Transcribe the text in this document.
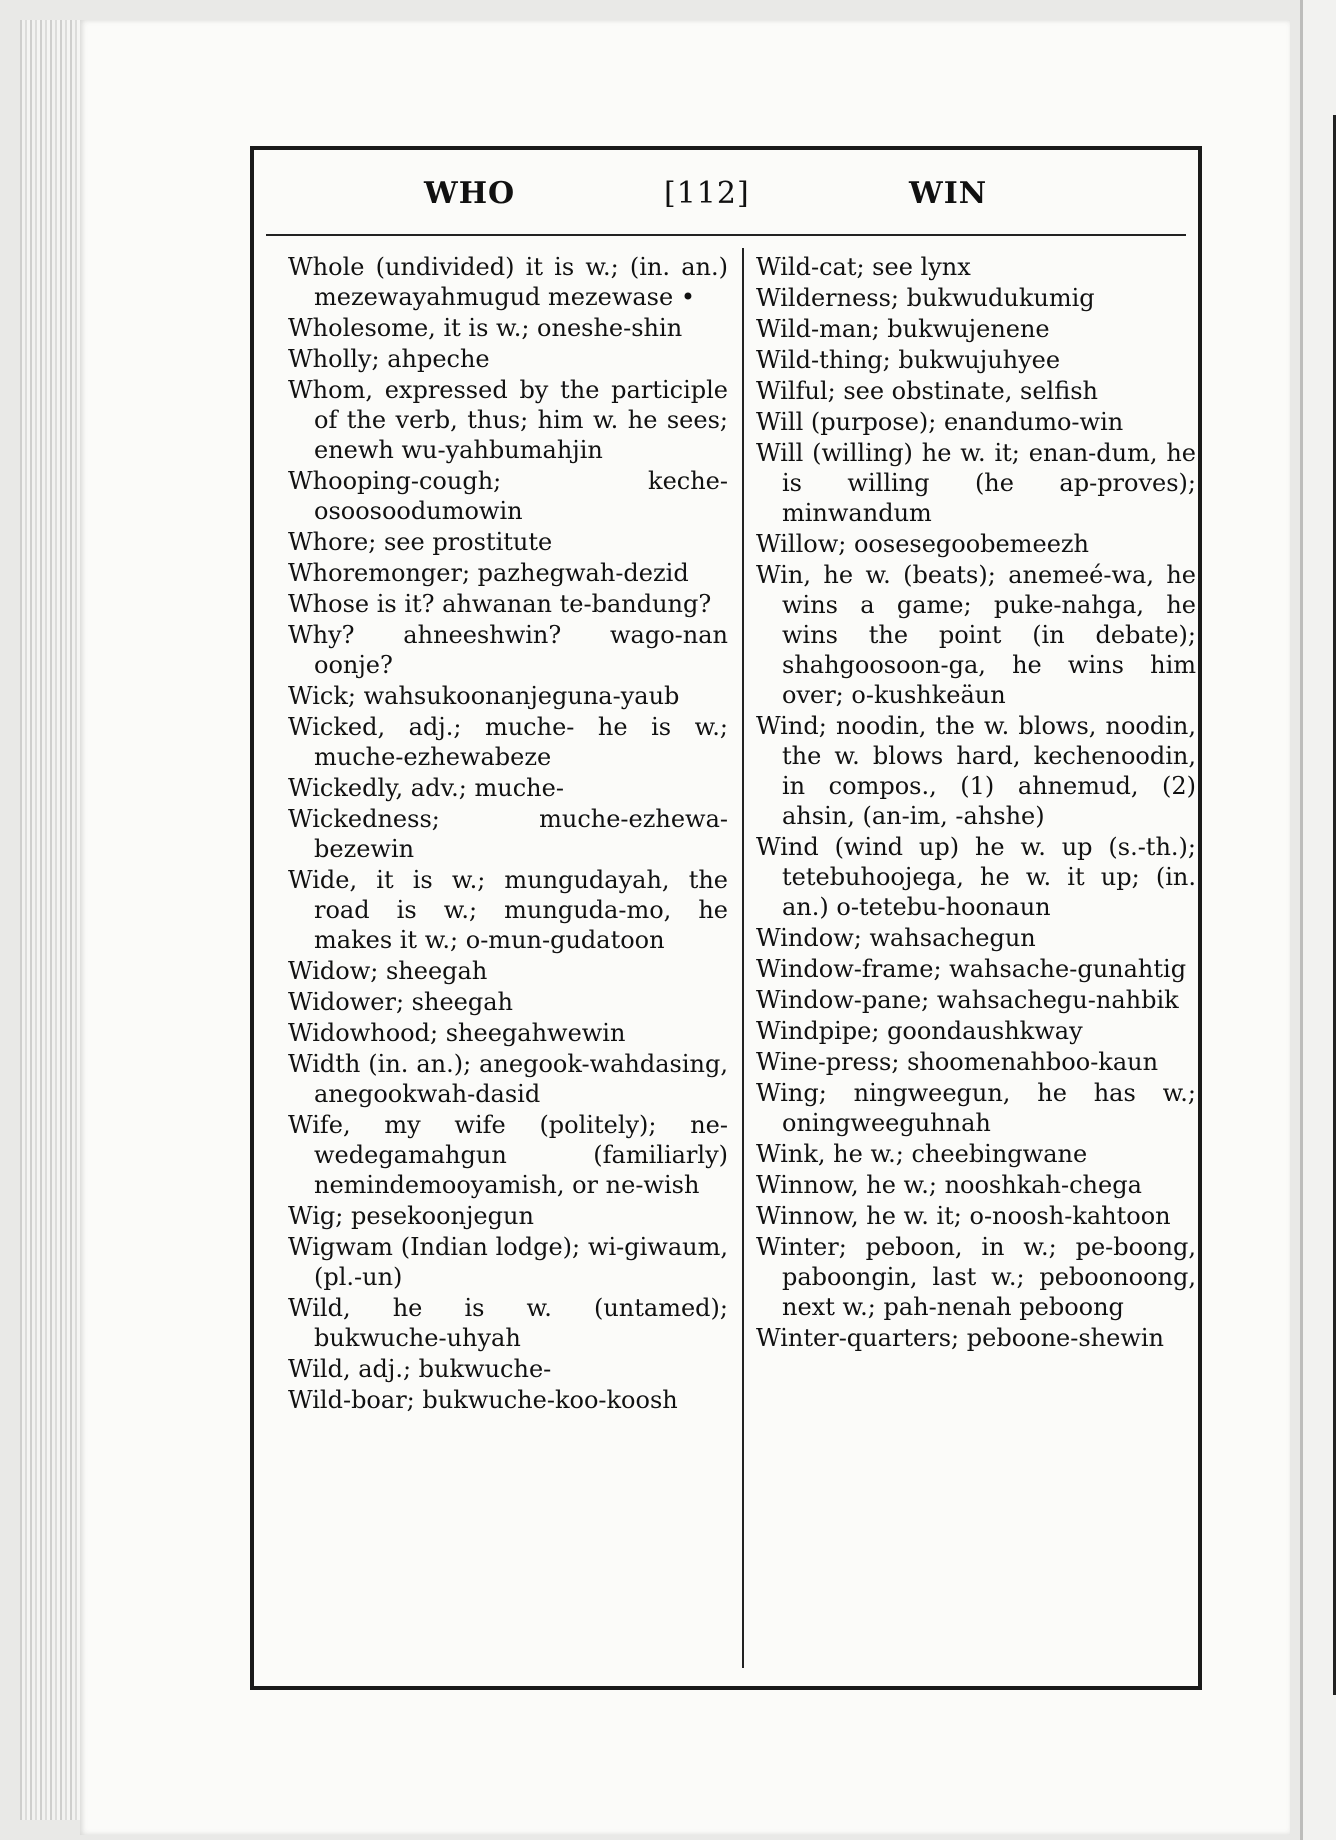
WHO	[112]	WIN

Whole (undivided) it is w.; (in. an.) mezewayahmugud mezewase •

Wholesome, it is w.; oneshe-shin

Wholly; ahpeche

Whom, expressed by the participle of the verb, thus; him w. he sees; enewh wu-yahbumahjin

Whooping-cough; keche-osoosoodumowin

Whore; see prostitute

Whoremonger; pazhegwah-dezid

Whose is it? ahwanan te-bandung?

Why? ahneeshwin? wago-nan oonje?

Wick; wahsukoonanjeguna-yaub

Wicked, adj.; muche- he is w.; muche-ezhewabeze

Wickedly, adv.; muche-

Wickedness; muche-ezhewa-bezewin

Wide, it is w.; mungudayah, the road is w.; munguda-mo, he makes it w.; o-mun-gudatoon

Widow; sheegah

Widower; sheegah

Widowhood; sheegahwewin

Width (in. an.); anegook-wahdasing, anegookwah-dasid

Wife, my wife (politely); ne-wedegamahgun (familiarly) nemindemooyamish, or ne-wish

Wig; pesekoonjegun

Wigwam (Indian lodge); wi-giwaum, (pl.-un)

Wild, he is w. (untamed); bukwuche-uhyah

Wild, adj.; bukwuche-

Wild-boar; bukwuche-koo-koosh

Wild-cat; see lynx

Wilderness; bukwudukumig

Wild-man; bukwujenene

Wild-thing; bukwujuhyee

Wilful; see obstinate, selfish

Will (purpose); enandumo-win

Will (willing) he w. it; enan-dum, he is willing (he ap-proves); minwandum

Willow; oosesegoobemeezh

Win, he w. (beats); anemeé-wa, he wins a game; puke-nahga, he wins the point (in debate); shahgoosoon-ga, he wins him over; o-kushkeäun

Wind; noodin, the w. blows, noodin, the w. blows hard, kechenoodin, in compos., (1) ahnemud, (2) ahsin, (an-im, -ahshe)

Wind (wind up) he w. up (s.-th.); tetebuhoojega, he w. it up; (in. an.) o-tetebu-hoonaun

Window; wahsachegun

Window-frame; wahsache-gunahtig

Window-pane; wahsachegu-nahbik

Windpipe; goondaushkway

Wine-press; shoomenahboo-kaun

Wing; ningweegun, he has w.; oningweeguhnah

Wink, he w.; cheebingwane

Winnow, he w.; nooshkah-chega

Winnow, he w. it; o-noosh-kahtoon

Winter; peboon, in w.; pe-boong, paboongin, last w.; peboonoong, next w.; pah-nenah peboong

Winter-quarters; peboone-shewin
